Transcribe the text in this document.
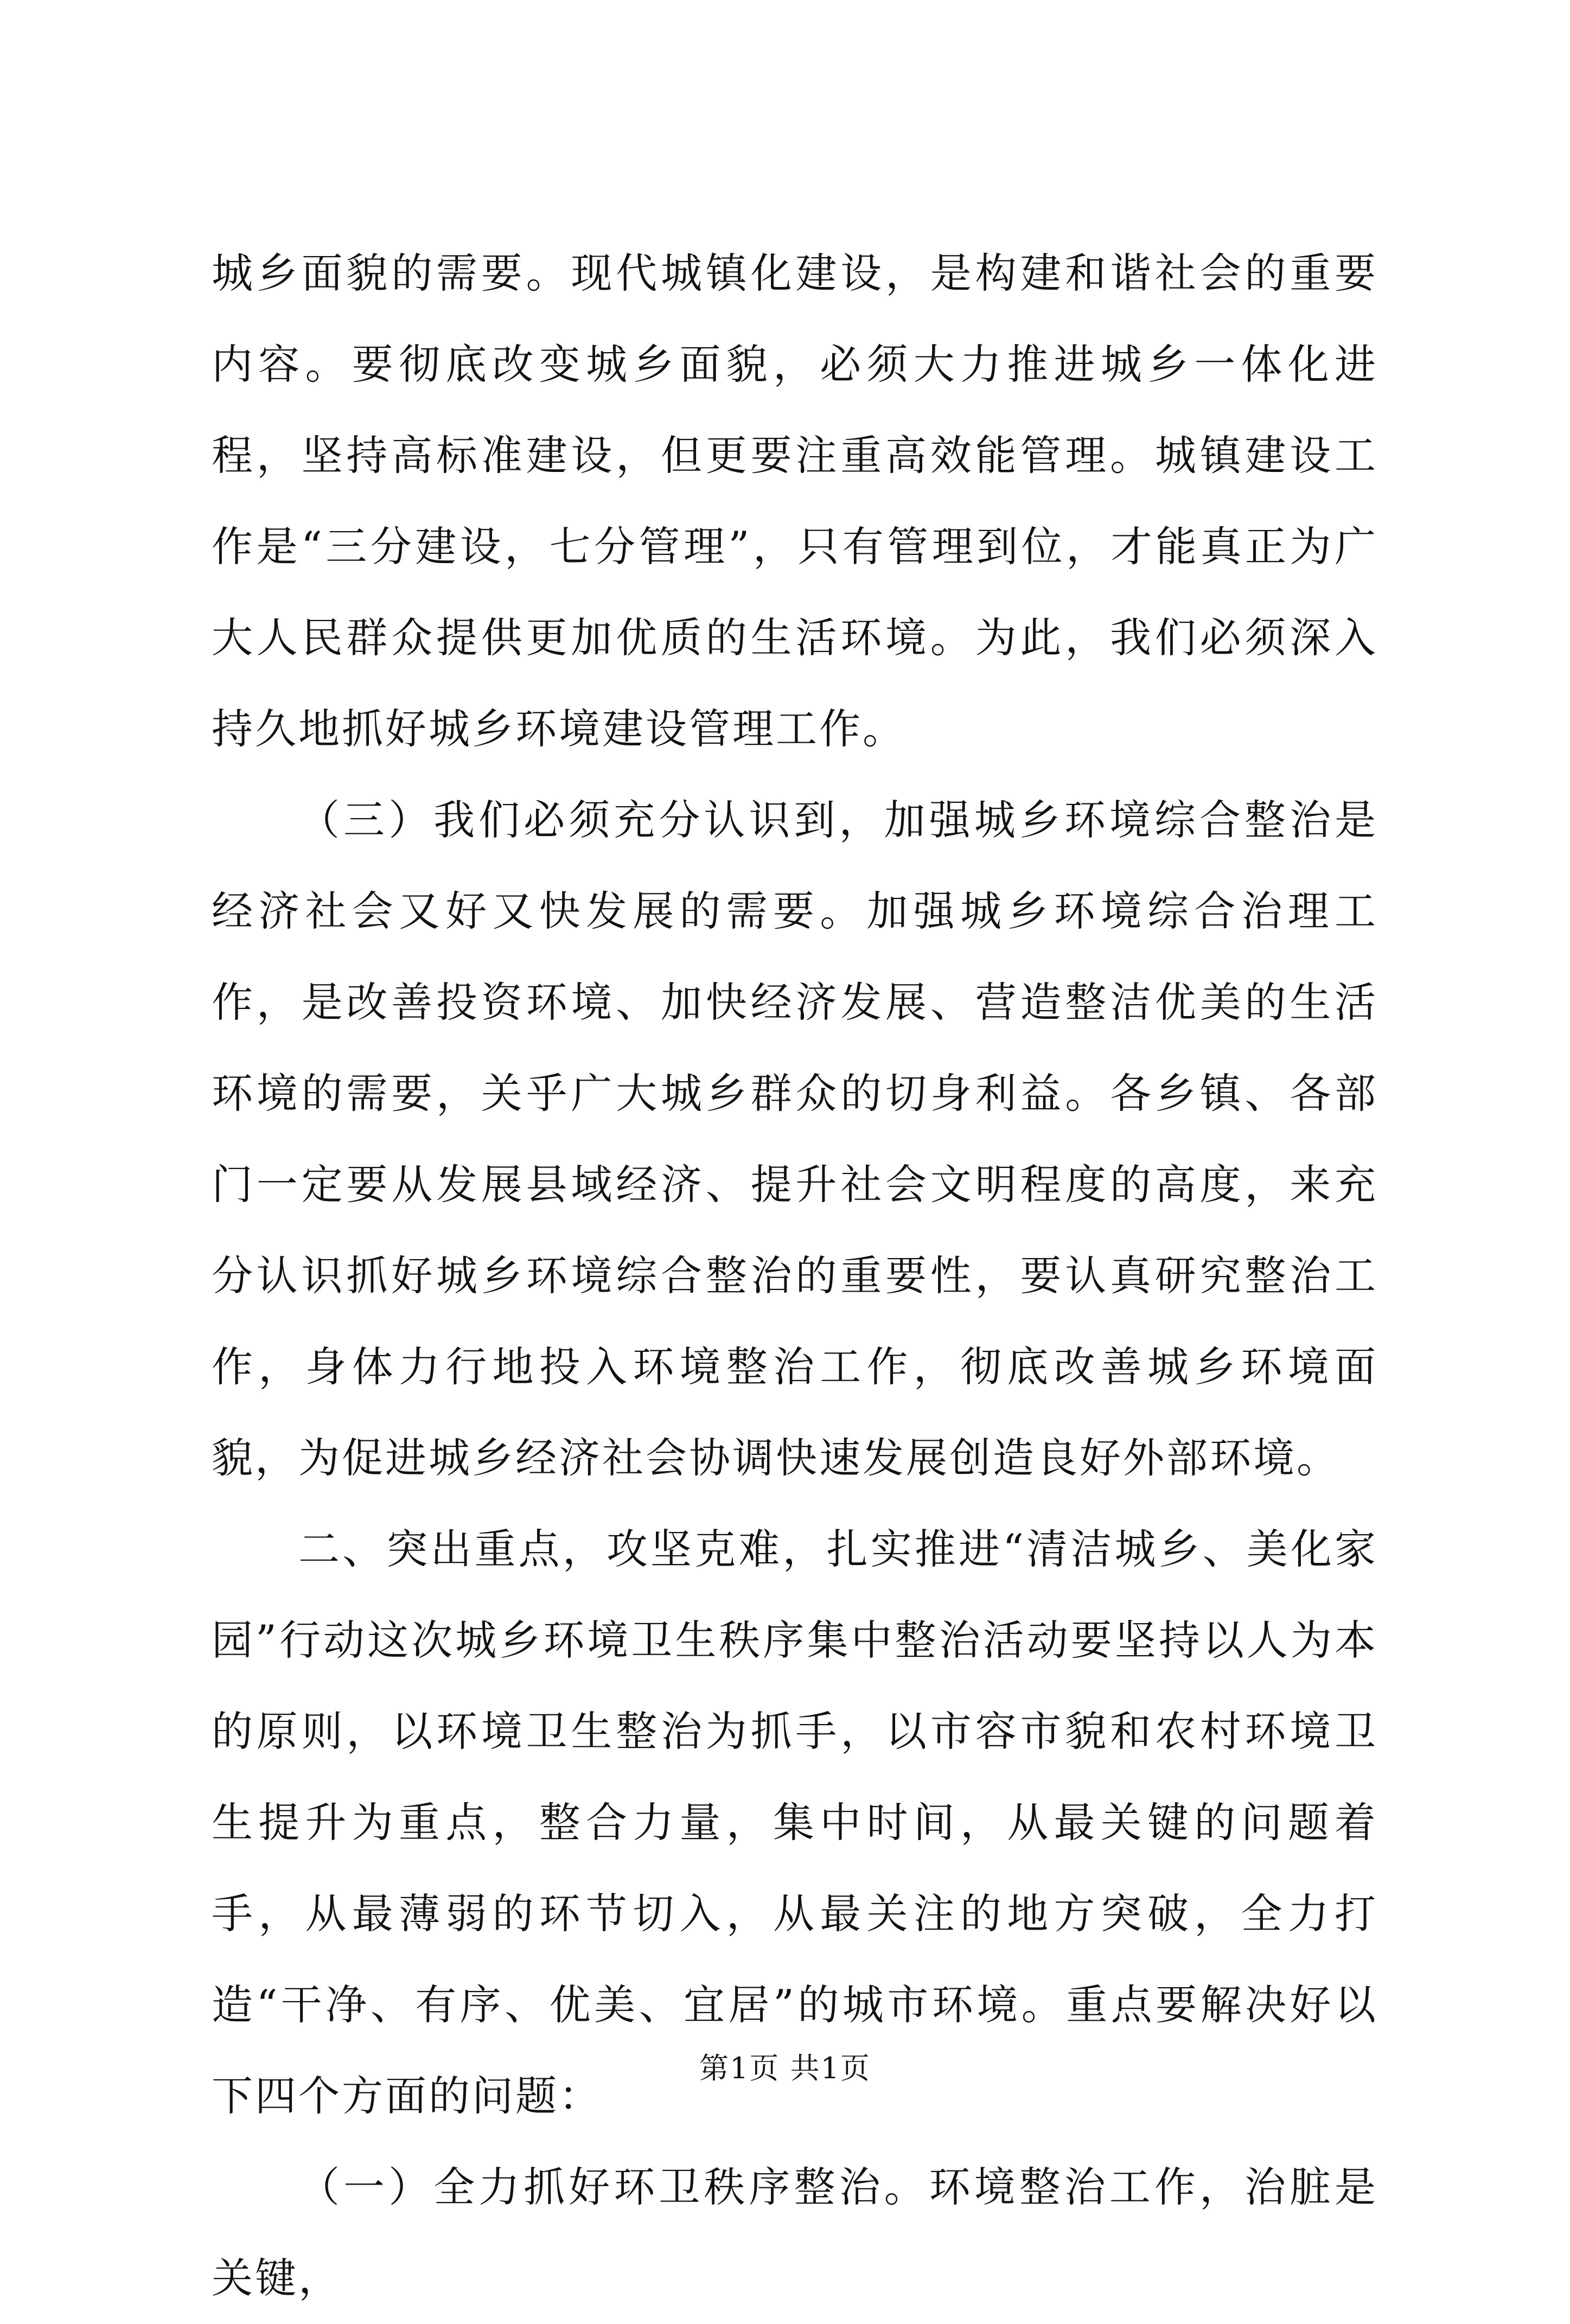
城乡面貌的需要。现代城镇化建设，是构建和谐社会的重要内容。要彻底改变城乡面貌，必须大力推进城乡一体化进程，坚持高标准建设，但更要注重高效能管理。城镇建设工作是“三分建设，七分管理”，只有管理到位，才能真正为广大人民群众提供更加优质的生活环境。为此，我们必须深入持久地抓好城乡环境建设管理工作。

（三）我们必须充分认识到，加强城乡环境综合整治是经济社会又好又快发展的需要。加强城乡环境综合治理工作，是改善投资环境、加快经济发展、营造整洁优美的生活环境的需要，关乎广大城乡群众的切身利益。各乡镇、各部门一定要从发展县域经济、提升社会文明程度的高度，来充分认识抓好城乡环境综合整治的重要性，要认真研究整治工作，身体力行地投入环境整治工作，彻底改善城乡环境面貌，为促进城乡经济社会协调快速发展创造良好外部环境。

二、突出重点，攻坚克难，扎实推进“清洁城乡、美化家园”行动这次城乡环境卫生秩序集中整治活动要坚持以人为本的原则，以环境卫生整治为抓手，以市容市貌和农村环境卫生提升为重点，整合力量，集中时间，从最关键的问题着手，从最薄弱的环节切入，从最关注的地方突破，全力打造“干净、有序、优美、宜居”的城市环境。重点要解决好以下四个方面的问题：

（一）全力抓好环卫秩序整治。环境整治工作，治脏是关键，

第1页 共1页
